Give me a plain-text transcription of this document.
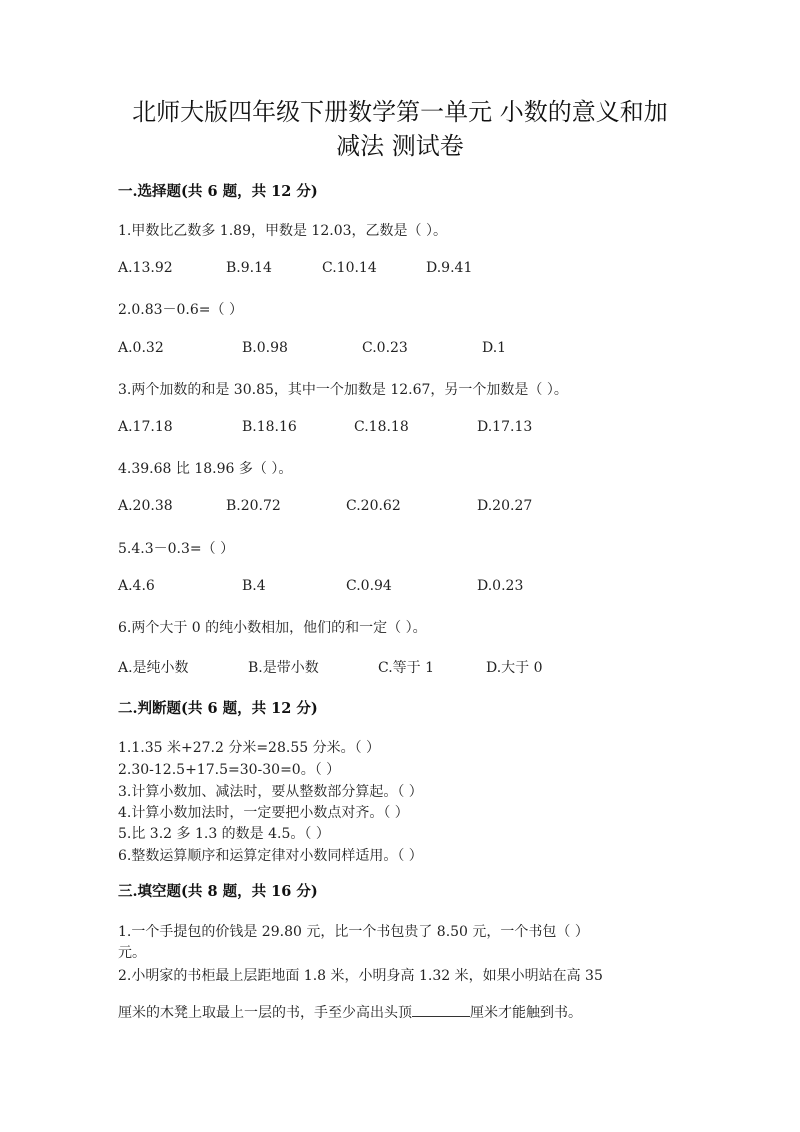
北师大版四年级下册数学第一单元 小数的意义和加
减法 测试卷
一.选择题(共 6 题，共 12 分)
1.甲数比乙数多 1.89，甲数是 12.03，乙数是（ ）。
A.13.92	B.9.14	C.10.14	D.9.41
2.0.83－0.6=（ ）
A.0.32	B.0.98	C.0.23	D.1
3.两个加数的和是 30.85，其中一个加数是 12.67，另一个加数是（ ）。
A.17.18	B.18.16	C.18.18	D.17.13
4.39.68 比 18.96 多（ ）。
A.20.38	B.20.72	C.20.62	D.20.27
5.4.3－0.3=（ ）
A.4.6	B.4	C.0.94	D.0.23
6.两个大于 0 的纯小数相加，他们的和一定（ ）。
A.是纯小数	B.是带小数	C.等于 1	D.大于 0
二.判断题(共 6 题，共 12 分)
1.1.35 米+27.2 分米=28.55 分米。（ ）
2.30-12.5+17.5=30-30=0。（ ）
3.计算小数加、减法时，要从整数部分算起。（ ）
4.计算小数加法时，一定要把小数点对齐。（ ）
5.比 3.2 多 1.3 的数是 4.5。（ ）
6.整数运算顺序和运算定律对小数同样适用。（ ）
三.填空题(共 8 题，共 16 分)
1.一个手提包的价钱是 29.80 元，比一个书包贵了 8.50 元，一个书包（ ）
元。
2.小明家的书柜最上层距地面 1.8 米，小明身高 1.32 米，如果小明站在高 35
厘米的木凳上取最上一层的书，手至少高出头顶	厘米才能触到书。
